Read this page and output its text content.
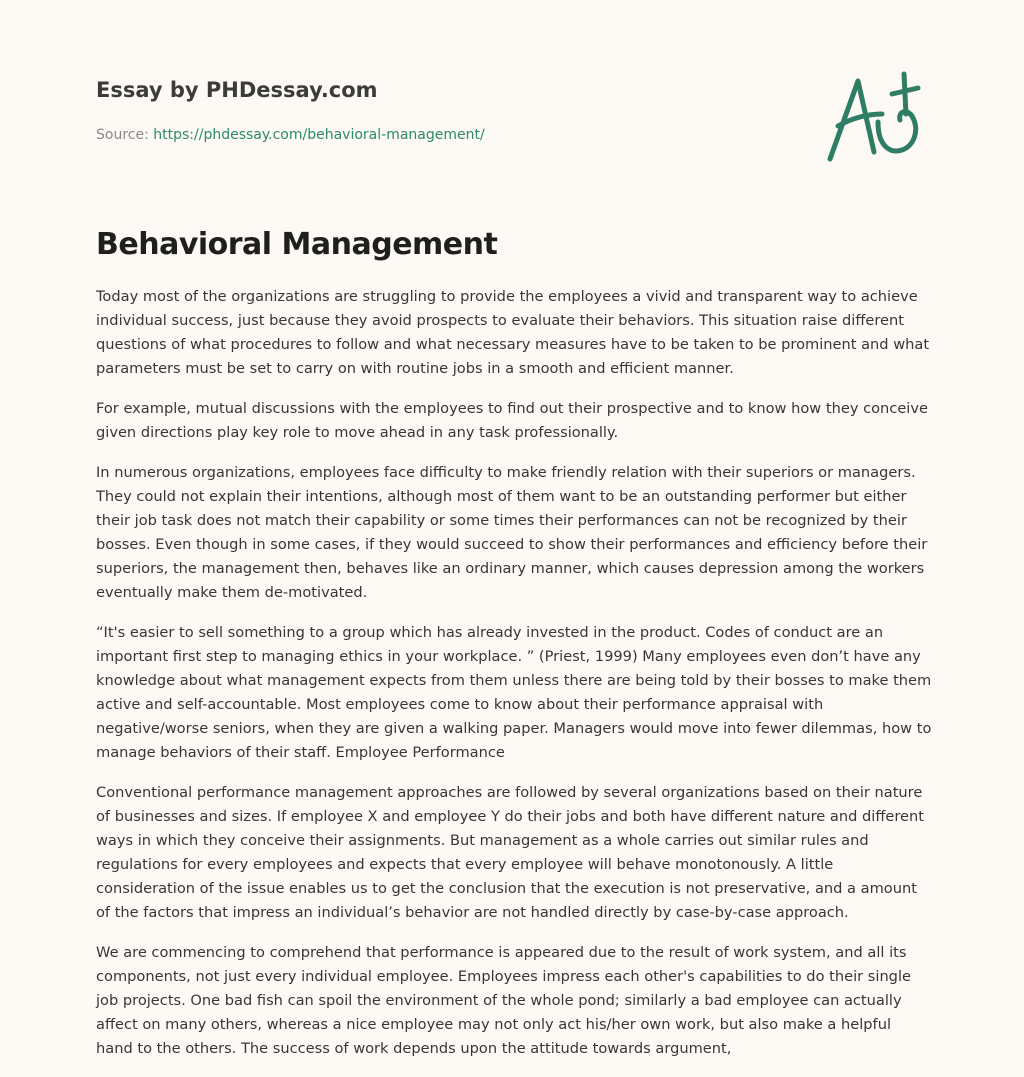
Essay by PHDessay.com
Source: https://phdessay.com/behavioral-management/
Behavioral Management

Today most of the organizations are struggling to provide the employees a vivid and transparent way to achieve individual success, just because they avoid prospects to evaluate their behaviors. This situation raise different questions of what procedures to follow and what necessary measures have to be taken to be prominent and what parameters must be set to carry on with routine jobs in a smooth and efficient manner.

For example, mutual discussions with the employees to find out their prospective and to know how they conceive given directions play key role to move ahead in any task professionally.

In numerous organizations, employees face difficulty to make friendly relation with their superiors or managers. They could not explain their intentions, although most of them want to be an outstanding performer but either their job task does not match their capability or some times their performances can not be recognized by their bosses. Even though in some cases, if they would succeed to show their performances and efficiency before their superiors, the management then, behaves like an ordinary manner, which causes depression among the workers eventually make them de-motivated.

“It's easier to sell something to a group which has already invested in the product. Codes of conduct are an important first step to managing ethics in your workplace. ” (Priest, 1999) Many employees even don’t have any knowledge about what management expects from them unless there are being told by their bosses to make them active and self-accountable. Most employees come to know about their performance appraisal with negative/worse seniors, when they are given a walking paper. Managers would move into fewer dilemmas, how to manage behaviors of their staff. Employee Performance

Conventional performance management approaches are followed by several organizations based on their nature of businesses and sizes. If employee X and employee Y do their jobs and both have different nature and different ways in which they conceive their assignments. But management as a whole carries out similar rules and regulations for every employees and expects that every employee will behave monotonously. A little consideration of the issue enables us to get the conclusion that the execution is not preservative, and a amount of the factors that impress an individual’s behavior are not handled directly by case-by-case approach.

We are commencing to comprehend that performance is appeared due to the result of work system, and all its components, not just every individual employee. Employees impress each other's capabilities to do their single job projects. One bad fish can spoil the environment of the whole pond; similarly a bad employee can actually affect on many others, whereas a nice employee may not only act his/her own work, but also make a helpful hand to the others. The success of work depends upon the attitude towards argument,
